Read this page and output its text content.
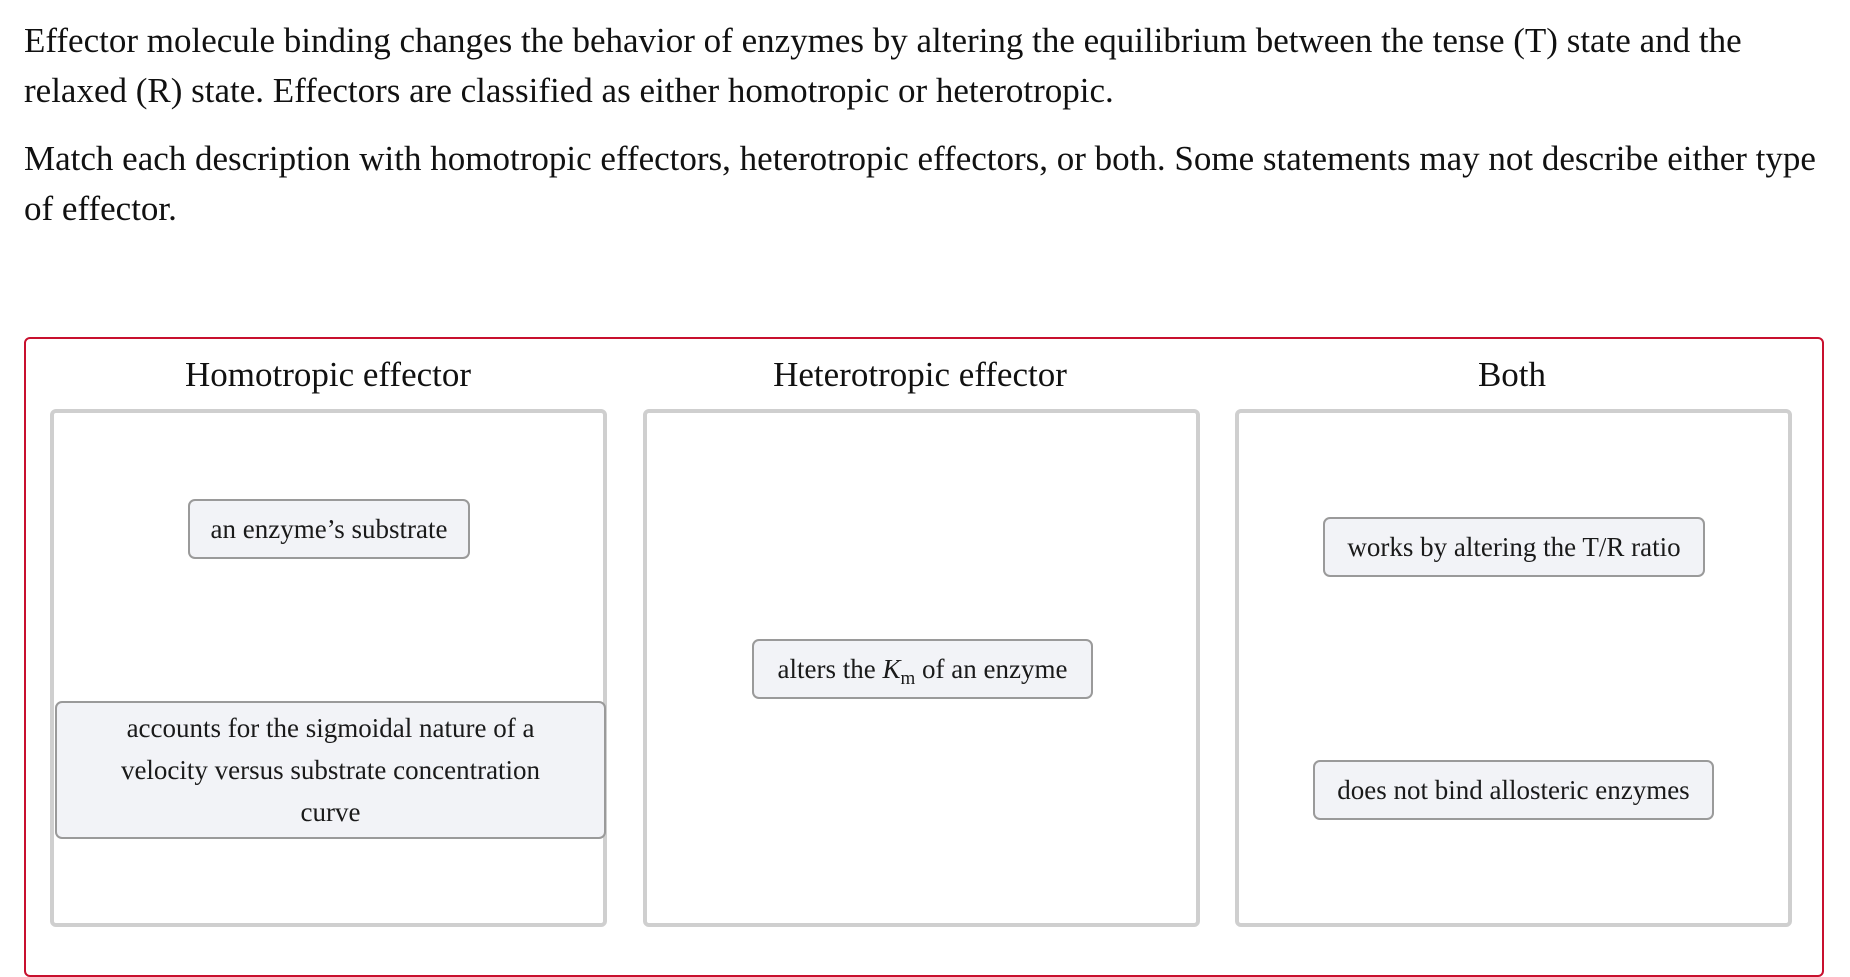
Effector molecule binding changes the behavior of enzymes by altering the equilibrium between the tense (T) state and the relaxed (R) state. Effectors are classified as either homotropic or heterotropic.

Match each description with homotropic effectors, heterotropic effectors, or both. Some statements may not describe either type of effector.

Homotropic effector	Heterotropic effector	Both
an enzyme’s substrate
accounts for the sigmoidal nature of a velocity versus substrate concentration curve
alters the $K_m$ of an enzyme
works by altering the T/R ratio
does not bind allosteric enzymes
